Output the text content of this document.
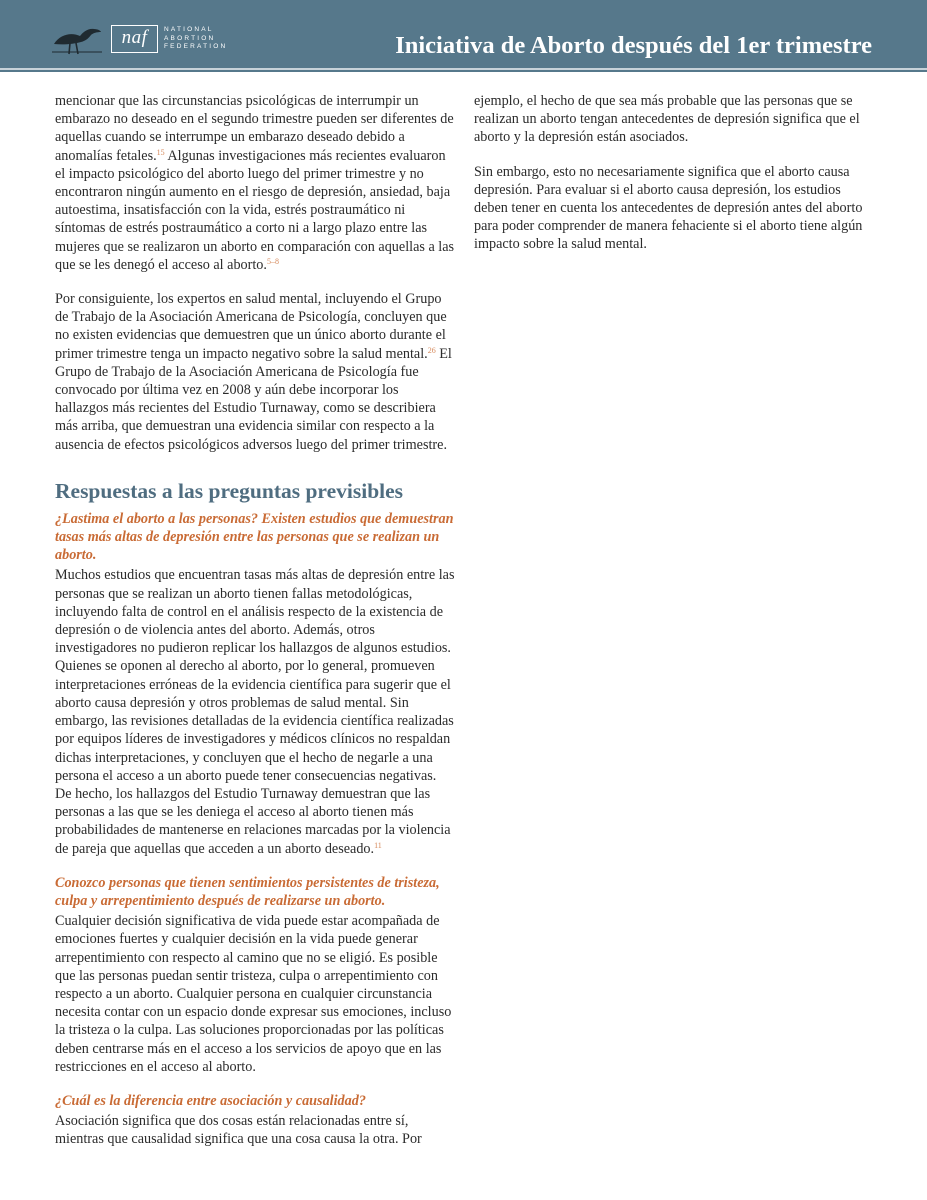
naf	NATIONAL
ABORTION
FEDERATION	Iniciativa de Aborto después del 1er trimestre

mencionar que las circunstancias psicológicas de interrumpir un embarazo no deseado en el segundo trimestre pueden ser diferentes de aquellas cuando se interrumpe un embarazo deseado debido a anomalías fetales.$^{15}$ Algunas investigaciones más recientes evaluaron el impacto psicológico del aborto luego del primer trimestre y no encontraron ningún aumento en el riesgo de depresión, ansiedad, baja autoestima, insatisfacción con la vida, estrés postraumático ni síntomas de estrés postraumático a corto ni a largo plazo entre las mujeres que se realizaron un aborto en comparación con aquellas a las que se les denegó el acceso al aborto.$^{5-8}$

Por consiguiente, los expertos en salud mental, incluyendo el Grupo de Trabajo de la Asociación Americana de Psicología, concluyen que no existen evidencias que demuestren que un único aborto durante el primer trimestre tenga un impacto negativo sobre la salud mental.$^{26}$ El Grupo de Trabajo de la Asociación Americana de Psicología fue convocado por última vez en 2008 y aún debe incorporar los hallazgos más recientes del Estudio Turnaway, como se describiera más arriba, que demuestran una evidencia similar con respecto a la ausencia de efectos psicológicos adversos luego del primer trimestre.

Respuestas a las preguntas previsibles
¿Lastima el aborto a las personas? Existen estudios que demuestran tasas más altas de depresión entre las personas que se realizan un aborto.

Muchos estudios que encuentran tasas más altas de depresión entre las personas que se realizan un aborto tienen fallas metodológicas, incluyendo falta de control en el análisis respecto de la existencia de depresión o de violencia antes del aborto. Además, otros investigadores no pudieron replicar los hallazgos de algunos estudios. Quienes se oponen al derecho al aborto, por lo general, promueven interpretaciones erróneas de la evidencia científica para sugerir que el aborto causa depresión y otros problemas de salud mental. Sin embargo, las revisiones detalladas de la evidencia científica realizadas por equipos líderes de investigadores y médicos clínicos no respaldan dichas interpretaciones, y concluyen que el hecho de negarle a una persona el acceso a un aborto puede tener consecuencias negativas. De hecho, los hallazgos del Estudio Turnaway demuestran que las personas a las que se les deniega el acceso al aborto tienen más probabilidades de mantenerse en relaciones marcadas por la violencia de pareja que aquellas que acceden a un aborto deseado.$^{11}$

Conozco personas que tienen sentimientos persistentes de tristeza, culpa y arrepentimiento después de realizarse un aborto.

Cualquier decisión significativa de vida puede estar acompañada de emociones fuertes y cualquier decisión en la vida puede generar arrepentimiento con respecto al camino que no se eligió. Es posible que las personas puedan sentir tristeza, culpa o arrepentimiento con respecto a un aborto. Cualquier persona en cualquier circunstancia necesita contar con un espacio donde expresar sus emociones, incluso la tristeza o la culpa. Las soluciones proporcionadas por las políticas deben centrarse más en el acceso a los servicios de apoyo que en las restricciones en el acceso al aborto.

¿Cuál es la diferencia entre asociación y causalidad?

Asociación significa que dos cosas están relacionadas entre sí, mientras que causalidad significa que una cosa causa la otra. Por

ejemplo, el hecho de que sea más probable que las personas que se realizan un aborto tengan antecedentes de depresión significa que el aborto y la depresión están asociados.

Sin embargo, esto no necesariamente significa que el aborto causa depresión. Para evaluar si el aborto causa depresión, los estudios deben tener en cuenta los antecedentes de depresión antes del aborto para poder comprender de manera fehaciente si el aborto tiene algún impacto sobre la salud mental.
